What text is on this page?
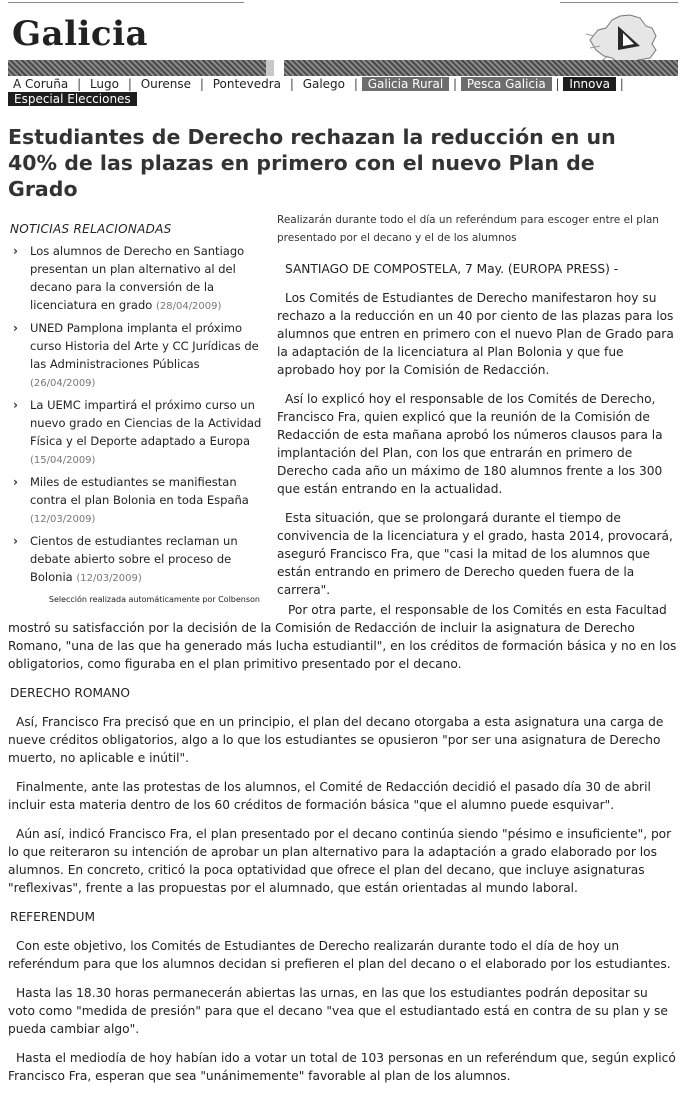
Galicia
A Coruña | Lugo | Ourense | Pontevedra | Galego | Galicia Rural | Pesca Galicia | Innova |
Especial Elecciones
Estudiantes de Derecho rechazan la reducción en un 40% de las plazas en primero con el nuevo Plan de Grado
NOTICIAS RELACIONADAS
› Los alumnos de Derecho en Santiago presentan un plan alternativo al del decano para la conversión de la licenciatura en grado (28/04/2009)
› UNED Pamplona implanta el próximo curso Historia del Arte y CC Jurídicas de las Administraciones Públicas (26/04/2009)
› La UEMC impartirá el próximo curso un nuevo grado en Ciencias de la Actividad Física y el Deporte adaptado a Europa (15/04/2009)
› Miles de estudiantes se manifiestan contra el plan Bolonia en toda España (12/03/2009)
› Cientos de estudiantes reclaman un debate abierto sobre el proceso de Bolonia (12/03/2009)
Selección realizada automáticamente por Colbenson
Realizarán durante todo el día un referéndum para escoger entre el plan presentado por el decano y el de los alumnos

SANTIAGO DE COMPOSTELA, 7 May. (EUROPA PRESS) -

Los Comités de Estudiantes de Derecho manifestaron hoy su rechazo a la reducción en un 40 por ciento de las plazas para los alumnos que entren en primero con el nuevo Plan de Grado para la adaptación de la licenciatura al Plan Bolonia y que fue aprobado hoy por la Comisión de Redacción.

Así lo explicó hoy el responsable de los Comités de Derecho, Francisco Fra, quien explicó que la reunión de la Comisión de Redacción de esta mañana aprobó los números clausos para la implantación del Plan, con los que entrarán en primero de Derecho cada año un máximo de 180 alumnos frente a los 300 que están entrando en la actualidad.

Esta situación, que se prolongará durante el tiempo de convivencia de la licenciatura y el grado, hasta 2014, provocará, aseguró Francisco Fra, que "casi la mitad de los alumnos que están entrando en primero de Derecho queden fuera de la carrera".

Por otra parte, el responsable de los Comités en esta Facultad mostró su satisfacción por la decisión de la Comisión de Redacción de incluir la asignatura de Derecho Romano, "una de las que ha generado más lucha estudiantil", en los créditos de formación básica y no en los obligatorios, como figuraba en el plan primitivo presentado por el decano.

DERECHO ROMANO

Así, Francisco Fra precisó que en un principio, el plan del decano otorgaba a esta asignatura una carga de nueve créditos obligatorios, algo a lo que los estudiantes se opusieron "por ser una asignatura de Derecho muerto, no aplicable e inútil".

Finalmente, ante las protestas de los alumnos, el Comité de Redacción decidió el pasado día 30 de abril incluir esta materia dentro de los 60 créditos de formación básica "que el alumno puede esquivar".

Aún así, indicó Francisco Fra, el plan presentado por el decano continúa siendo "pésimo e insuficiente", por lo que reiteraron su intención de aprobar un plan alternativo para la adaptación a grado elaborado por los alumnos. En concreto, criticó la poca optatividad que ofrece el plan del decano, que incluye asignaturas "reflexivas", frente a las propuestas por el alumnado, que están orientadas al mundo laboral.

REFERENDUM

Con este objetivo, los Comités de Estudiantes de Derecho realizarán durante todo el día de hoy un referéndum para que los alumnos decidan si prefieren el plan del decano o el elaborado por los estudiantes.

Hasta las 18.30 horas permanecerán abiertas las urnas, en las que los estudiantes podrán depositar su voto como "medida de presión" para que el decano "vea que el estudiantado está en contra de su plan y se pueda cambiar algo".

Hasta el mediodía de hoy habían ido a votar un total de 103 personas en un referéndum que, según explicó Francisco Fra, esperan que sea "unánimemente" favorable al plan de los alumnos.
